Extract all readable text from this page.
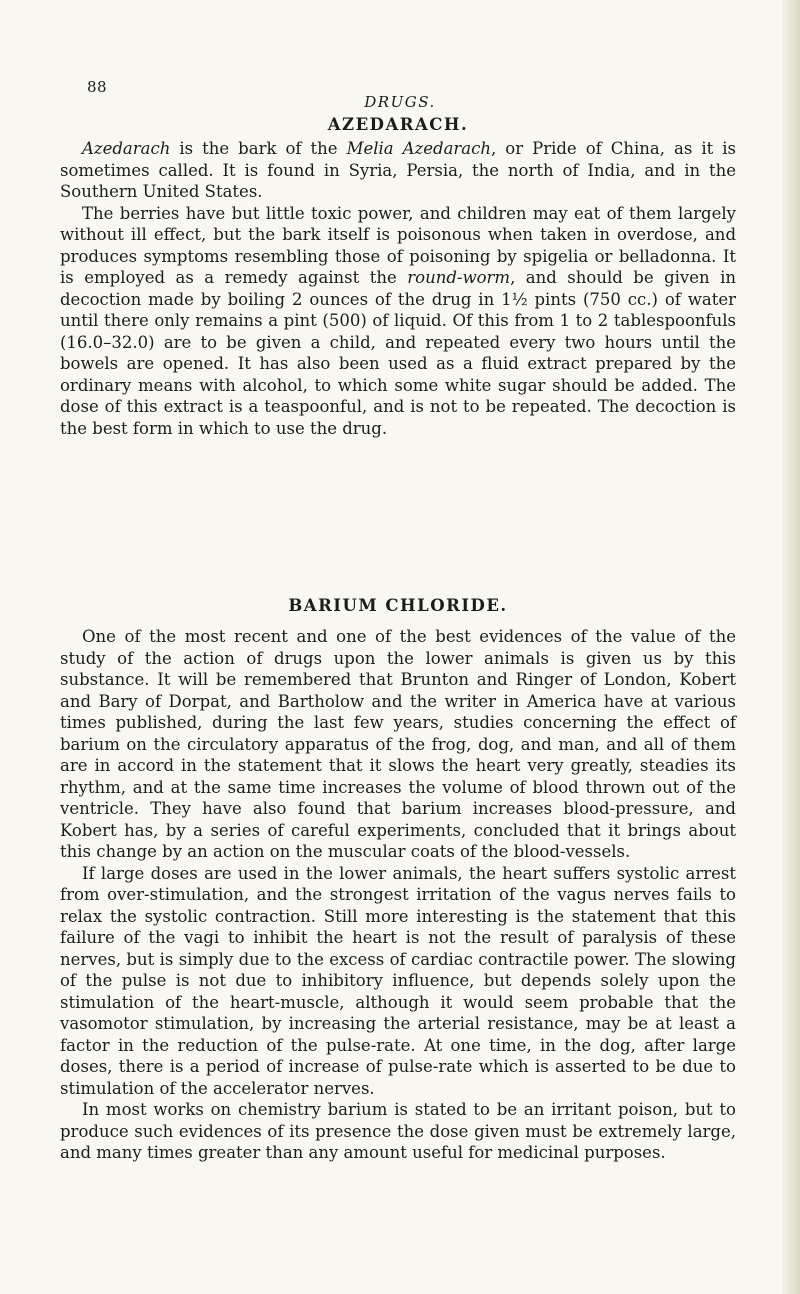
88
DRUGS.
AZEDARACH.

Azedarach is the bark of the Melia Azedarach, or Pride of China, as it is sometimes called. It is found in Syria, Persia, the north of India, and in the Southern United States.

The berries have but little toxic power, and children may eat of them largely without ill effect, but the bark itself is poisonous when taken in overdose, and produces symptoms resembling those of poisoning by spigelia or belladonna. It is employed as a remedy against the round-worm, and should be given in decoction made by boiling 2 ounces of the drug in 1½ pints (750 cc.) of water until there only remains a pint (500) of liquid. Of this from 1 to 2 tablespoonfuls (16.0–32.0) are to be given a child, and repeated every two hours until the bowels are opened. It has also been used as a fluid extract prepared by the ordinary means with alcohol, to which some white sugar should be added. The dose of this extract is a teaspoonful, and is not to be repeated. The decoction is the best form in which to use the drug.

BARIUM CHLORIDE.

One of the most recent and one of the best evidences of the value of the study of the action of drugs upon the lower animals is given us by this substance. It will be remembered that Brunton and Ringer of London, Kobert and Bary of Dorpat, and Bartholow and the writer in America have at various times published, during the last few years, studies concerning the effect of barium on the circulatory apparatus of the frog, dog, and man, and all of them are in accord in the statement that it slows the heart very greatly, steadies its rhythm, and at the same time increases the volume of blood thrown out of the ventricle. They have also found that barium increases blood-pressure, and Kobert has, by a series of careful experiments, concluded that it brings about this change by an action on the muscular coats of the blood-vessels.

If large doses are used in the lower animals, the heart suffers systolic arrest from over-stimulation, and the strongest irritation of the vagus nerves fails to relax the systolic contraction. Still more interesting is the statement that this failure of the vagi to inhibit the heart is not the result of paralysis of these nerves, but is simply due to the excess of cardiac contractile power. The slowing of the pulse is not due to inhibitory influence, but depends solely upon the stimulation of the heart-muscle, although it would seem probable that the vasomotor stimulation, by increasing the arterial resistance, may be at least a factor in the reduction of the pulse-rate. At one time, in the dog, after large doses, there is a period of increase of pulse-rate which is asserted to be due to stimulation of the accelerator nerves.

In most works on chemistry barium is stated to be an irritant poison, but to produce such evidences of its presence the dose given must be extremely large, and many times greater than any amount useful for medicinal purposes.
